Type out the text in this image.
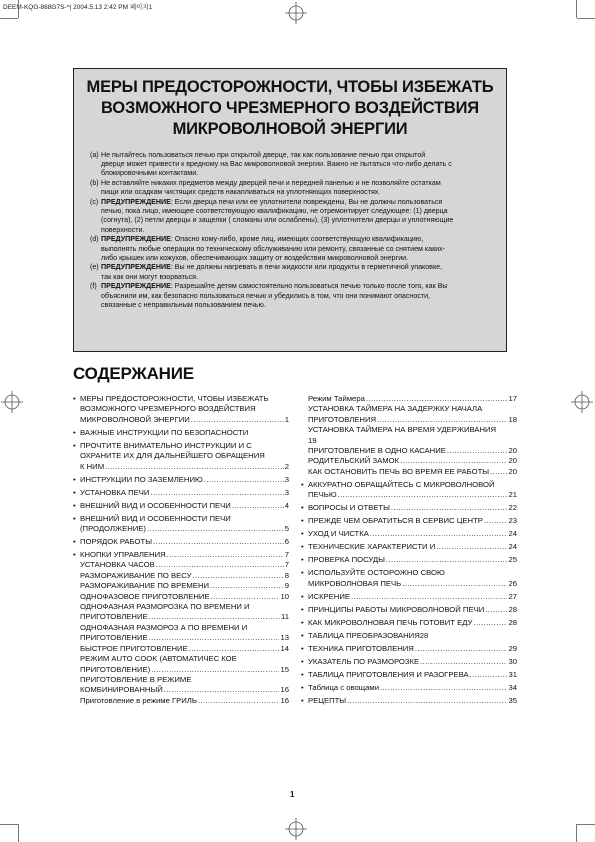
DEEM-KQG-868G7S-^| 2004.5.13 2:42 PM 페이지1
МЕРЫ ПРЕДОСТОРОЖНОСТИ, ЧТОБЫ ИЗБЕЖАТЬ
ВОЗМОЖНОГО ЧРЕЗМЕРНОГО ВОЗДЕЙСТВИЯ
МИКРОВОЛНОВОЙ ЭНЕРГИИ
(a) Не пытайтесь пользоваться печью при открытой дверце, так как пользование печью при открытой
дверце может привести к вредному на Вас микроволновой энергии. Важно не пытаться что-либо делать с
блокировочными контактами.
(b) Не вставляйте никаких предметов между дверцей печи и передней панелью и не позволяйте остаткам
пищи или осадкам чистящих средств накапливаться на уплотняющих поверхностях.
(c) ПРЕДУПРЕЖДЕНИЕ: Если дверца печи или ее уплотнители повреждены, Вы не должны пользоваться
печью, пока лицо, имеющее соответствующую квалификацию, не отремонтирует следующее: (1) дверца
(согнута), (2) петли дверцы и защелки ( сломаны или ослаблены), (3) уплотнители дверцы и уплотняющие
поверхности.
(d) ПРЕДУПРЕЖДЕНИЕ: Опасно кому-либо, кроме лиц, имеющих соответствующую квалификацию,
выполнять любые операции по техническому обслуживанию или ремонту, связанные со снятием каких-
либо крышек или кожухов, обеспечивающих защиту от воздействия микроволновой энергии.
(e) ПРЕДУПРЕЖДЕНИЕ: Вы не должны нагревать в печи жидкости или продукты в герметичной упаковке,
так как они могут взорваться.
(f) ПРЕДУПРЕЖДЕНИЕ: Разрешайте детям самостоятельно пользоваться печью только после того, как Вы
объяснили им, как безопасно пользоваться печью и убедились в том, что они понимают опасности,
связанные с неправильным пользованием печью.
СОДЕРЖАНИЕ
• МЕРЫ ПРЕДОСТОРОЖНОСТИ, ЧТОБЫ ИЗБЕЖАТЬ
ВОЗМОЖНОГО ЧРЕЗМЕРНОГО ВОЗДЕЙСТВИЯ
МИКРОВОЛНОВОЙ ЭНЕРГИИ .....	1
• ВАЖНЫЕ ИНСТРУКЦИИ ПО БЕЗОПАСНОСТИ
• ПРОЧТИТЕ ВНИМАТЕЛЬНО ИНСТРУКЦИИ И С
ОХРАНИТЕ ИХ ДЛЯ ДАЛЬНЕЙШЕГО ОБРАЩЕНИЯ
К НИМ .....	2
• ИНСТРУКЦИИ ПО ЗАЗЕМЛЕНИЮ .....	3
• УСТАНОВКА ПЕЧИ .....	3
• ВНЕШНИЙ ВИД И ОСОБЕННОСТИ ПЕЧИ .....	4
• ВНЕШНИЙ ВИД И ОСОБЕННОСТИ ПЕЧИ
(ПРОДОЛЖЕНИЕ) .....	5
• ПОРЯДОК РАБОТЫ .....	6
• КНОПКИ УПРАВЛЕНИЯ .....	7
УСТАНОВКА ЧАСОВ .....	7
РАЗМОРАЖИВАНИЕ ПО ВЕСУ .....	8
РАЗМОРАЖИВАНИЕ ПО ВРЕМЕНИ .....	9
ОДНОФАЗОВОЕ ПРИГОТОВЛЕНИЕ .....	10
ОДНОФАЗНАЯ РАЗМОРОЗКА ПО ВРЕМЕНИ И
ПРИГОТОВЛЕНИЕ .....	11
ОДНОФАЗНАЯ РАЗМОРОЗ А ПО ВРЕМЕНИ И
ПРИГОТОВЛЕНИЕ .....	13
БЫСТРОЕ ПРИГОТОВЛЕНИЕ .....	14
РЕЖИМ AUTO COOK (АВТОМАТИЧЕС КОЕ
ПРИГОТОВЛЕНИЕ) .....	15
ПРИГОТОВЛЕНИЕ В РЕЖИМЕ
КОМБИНИРОВАННЫЙ .....	16
Приготовление в режиме ГРИЛЬ .....	16
Режим Таймера .....	17
УСТАНОВКА ТАЙМЕРА НА ЗАДЕРЖКУ НАЧАЛА
ПРИГОТОВЛЕНИЯ .....	18
УСТАНОВКА ТАЙМЕРА НА ВРЕМЯ УДЕРЖИВАНИЯ
19
ПРИГОТОВЛЕНИЕ В ОДНО КАСАНИЕ .....	20
РОДИТЕЛЬСКИЙ ЗАМОК .....	20
КАК ОСТАНОВИТЬ ПЕЧЬ ВО ВРЕМЯ ЕЕ РАБОТЫ .....	20
• АККУРАТНО ОБРАЩАЙТЕСЬ С МИКРОВОЛНОВОЙ
ПЕЧЬЮ .....	21
• ВОПРОСЫ И ОТВЕТЫ .....	22
• ПРЕЖДЕ ЧЕМ ОБРАТИТЬСЯ В СЕРВИС ЦЕНТР .....	23
• УХОД И ЧИСТКА .....	24
• ТЕХНИЧЕСКИЕ ХАРАКТЕРИСТИ И .....	24
• ПРОВЕРКА ПОСУДЫ .....	25
• ИСПОЛЬЗУЙТЕ ОСТОРОЖНО СВОЮ
МИКРОВОЛНОВАЯ ПЕЧЬ .....	26
• ИСКРЕНИЕ .....	27
• ПРИНЦИПЫ РАБОТЫ МИКРОВОЛНОВОЙ ПЕЧИ .....	28
• КАК МИКРОВОЛНОВАЯ ПЕЧЬ ГОТОВИТ ЕДУ .....	28
• ТАБЛИЦА ПРЕОБРАЗОВАНИЯ28
• ТЕХНИКА ПРИГОТОВЛЕНИЯ .....	29
• УКАЗАТЕЛЬ ПО РАЗМОРОЗКЕ .....	30
• ТАБЛИЦА ПРИГОТОВЛЕНИЯ И РАЗОГРЕВА .....	31
• Таблица с овощами .....	34
• РЕЦЕПТЫ .....	35
1
